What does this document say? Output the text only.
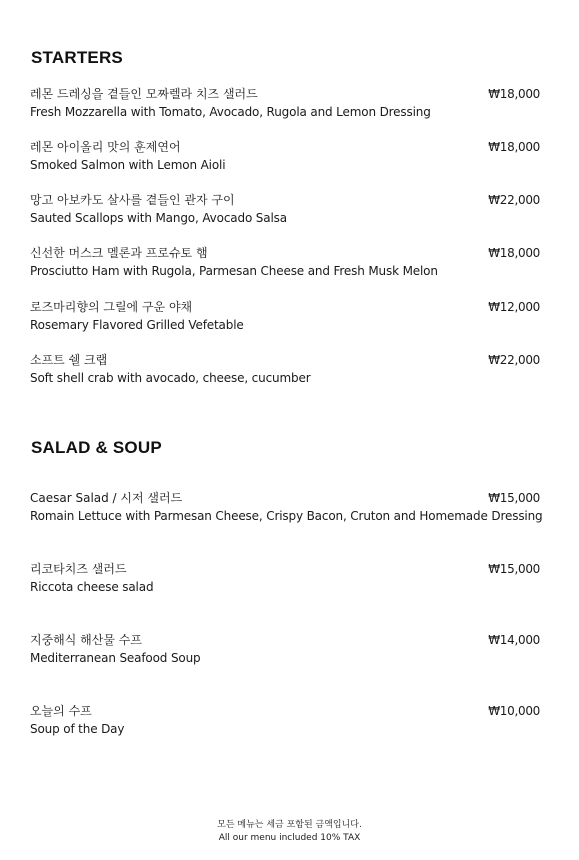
STARTERS
레몬 드레싱을 곁들인 모짜렐라 치즈 샐러드
Fresh Mozzarella with Tomato, Avocado, Rugola and Lemon Dressing
₩18,000
레몬 아이올리 맛의 훈제연어
Smoked Salmon with Lemon Aioli
₩18,000
망고 아보카도 살사를 곁들인 관자 구이
Sauted Scallops with Mango, Avocado Salsa
₩22,000
신선한 머스크 멜론과 프로슈토 햄
Prosciutto Ham with Rugola, Parmesan Cheese and Fresh Musk Melon
₩18,000
로즈마리향의 그릴에 구운 야채
Rosemary Flavored Grilled Vefetable
₩12,000
소프트 쉘 크랩
Soft shell crab with avocado, cheese, cucumber
₩22,000
SALAD & SOUP
Caesar Salad / 시저 샐러드
Romain Lettuce with Parmesan Cheese, Crispy Bacon, Cruton and Homemade Dressing
₩15,000
리코타치즈 샐러드
Riccota cheese salad
₩15,000
지중해식 해산물 수프
Mediterranean Seafood Soup
₩14,000
오늘의 수프
Soup of the Day
₩10,000
모든 메뉴는 세금 포함된 금액입니다.
All our menu included 10% TAX
